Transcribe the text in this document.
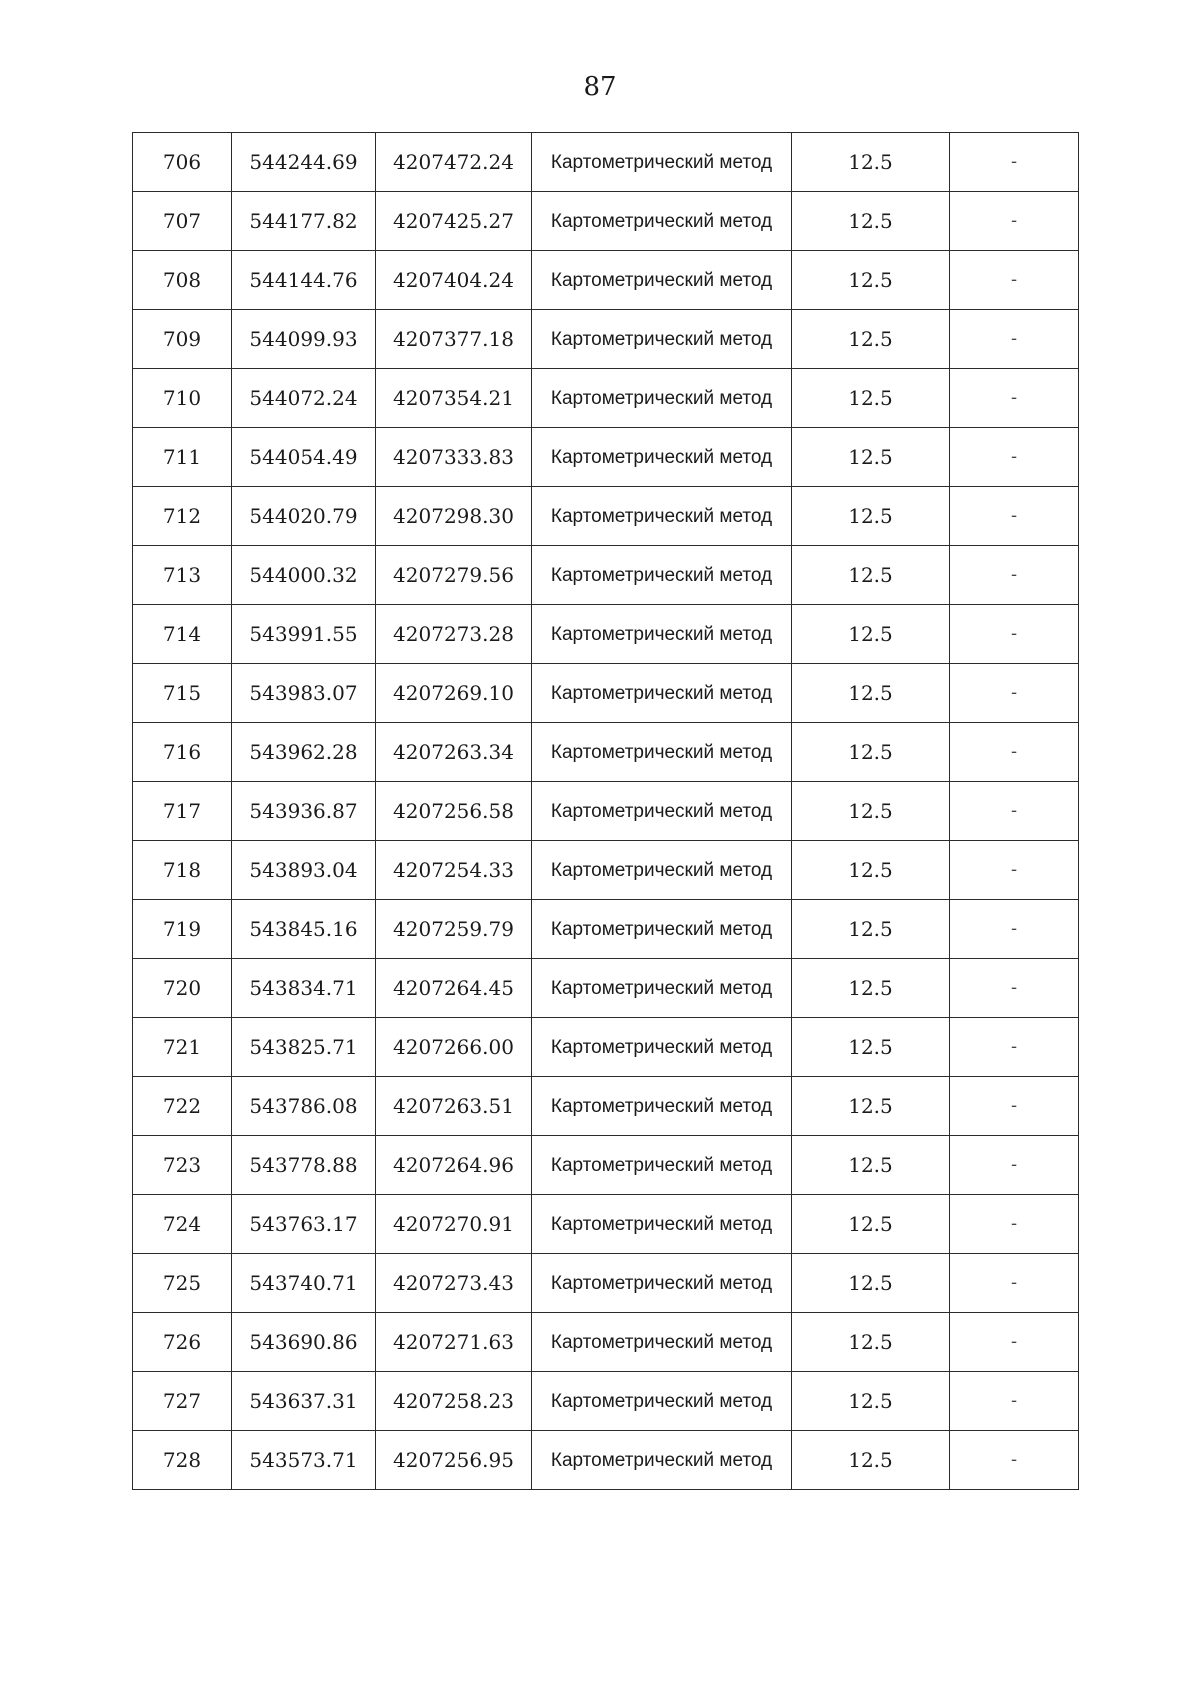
87
706	544244.69	4207472.24	Картометрический метод	12.5	-
707	544177.82	4207425.27	Картометрический метод	12.5	-
708	544144.76	4207404.24	Картометрический метод	12.5	-
709	544099.93	4207377.18	Картометрический метод	12.5	-
710	544072.24	4207354.21	Картометрический метод	12.5	-
711	544054.49	4207333.83	Картометрический метод	12.5	-
712	544020.79	4207298.30	Картометрический метод	12.5	-
713	544000.32	4207279.56	Картометрический метод	12.5	-
714	543991.55	4207273.28	Картометрический метод	12.5	-
715	543983.07	4207269.10	Картометрический метод	12.5	-
716	543962.28	4207263.34	Картометрический метод	12.5	-
717	543936.87	4207256.58	Картометрический метод	12.5	-
718	543893.04	4207254.33	Картометрический метод	12.5	-
719	543845.16	4207259.79	Картометрический метод	12.5	-
720	543834.71	4207264.45	Картометрический метод	12.5	-
721	543825.71	4207266.00	Картометрический метод	12.5	-
722	543786.08	4207263.51	Картометрический метод	12.5	-
723	543778.88	4207264.96	Картометрический метод	12.5	-
724	543763.17	4207270.91	Картометрический метод	12.5	-
725	543740.71	4207273.43	Картометрический метод	12.5	-
726	543690.86	4207271.63	Картометрический метод	12.5	-
727	543637.31	4207258.23	Картометрический метод	12.5	-
728	543573.71	4207256.95	Картометрический метод	12.5	-
